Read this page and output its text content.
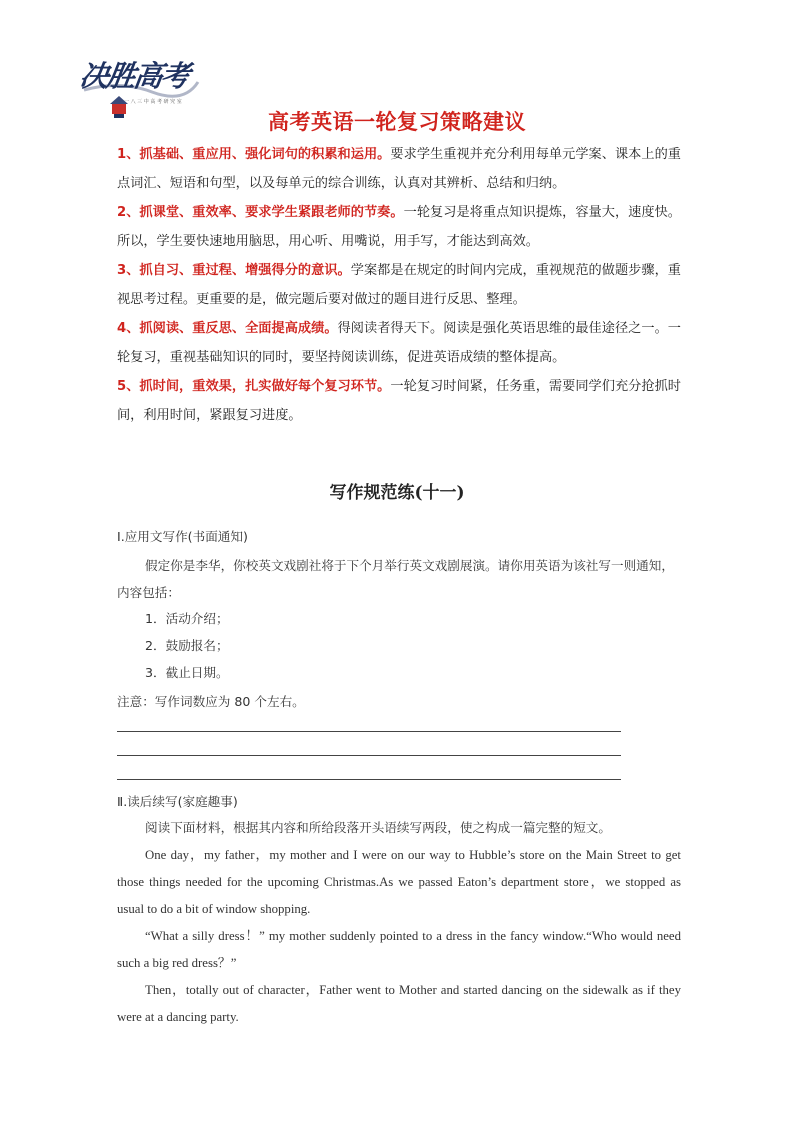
决胜高考
一 八 三 中 高 考 研 究 室
高考英语一轮复习策略建议

1、抓基础、重应用、强化词句的积累和运用。要求学生重视并充分利用每单元学案、课本上的重点词汇、短语和句型，以及每单元的综合训练，认真对其辨析、总结和归纳。

2、抓课堂、重效率、要求学生紧跟老师的节奏。一轮复习是将重点知识提炼，容量大，速度快。所以，学生要快速地用脑思，用心听、用嘴说，用手写，才能达到高效。

3、抓自习、重过程、增强得分的意识。学案都是在规定的时间内完成，重视规范的做题步骤，重视思考过程。更重要的是，做完题后要对做过的题目进行反思、整理。

4、抓阅读、重反思、全面提高成绩。得阅读者得天下。阅读是强化英语思维的最佳途径之一。一轮复习，重视基础知识的同时，要坚持阅读训练，促进英语成绩的整体提高。

5、抓时间，重效果，扎实做好每个复习环节。一轮复习时间紧，任务重，需要同学们充分抢抓时间，利用时间，紧跟复习进度。

写作规范练(十一)
Ⅰ.应用文写作(书面通知)
假定你是李华，你校英文戏剧社将于下个月举行英文戏剧展演。请你用英语为该社写一则通知，内容包括：
1．活动介绍；
2．鼓励报名；
3．截止日期。
注意：写作词数应为 80 个左右。
Ⅱ.读后续写(家庭趣事)
阅读下面材料，根据其内容和所给段落开头语续写两段，使之构成一篇完整的短文。

One day，my father，my mother and I were on our way to Hubble’s store on the Main Street to get those things needed for the upcoming Christmas.As we passed Eaton’s department store，we stopped as usual to do a bit of window shopping.

“What a silly dress！” my mother suddenly pointed to a dress in the fancy window.“Who would need such a big red dress？”

Then，totally out of character，Father went to Mother and started dancing on the sidewalk as if they were at a dancing party.
